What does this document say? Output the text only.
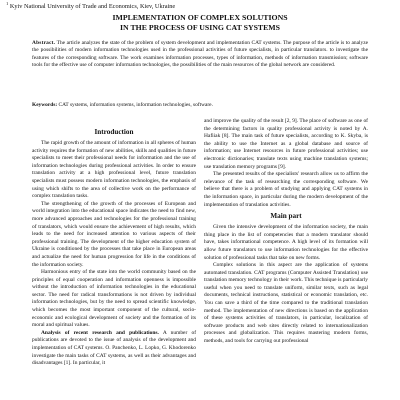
$^1$ Kyiv National University of Trade and Economics, Kiev, Ukraine
IMPLEMENTATION OF COMPLEX SOLUTIONS
IN THE PROCESS OF USING CAT SYSTEMS
Abstract. The article analyzes the state of the problem of system development and implementation CAT systems. The purpose of the article is to analyze the possibilities of modern information technologies used in the professional activities of future specialists, in particular translators. to investigate the features of the corresponding software. The work examines information processes, types of information, methods of information transmission; software tools for the effective use of computer information technologies, the possibilities of the main resources of the global network are considered.
Keywords: CAT systems, information systems, information technologies, software.
Introduction

The rapid growth of the amount of information in all spheres of human activity requires the formation of new abilities, skills and qualities in future specialists to meet their professional needs for information and the use of information technologies during professional activities. In order to ensure translation activity at a high professional level, future translation specialists must possess modern information technologies, the emphasis of using which shifts to the area of collective work on the performance of complex translation tasks.

The strengthening of the growth of the processes of European and world integration into the educational space indicates the need to find new, more advanced approaches and technologies for the professional training of translators, which would ensure the achievement of high results, which leads to the need for increased attention to various aspects of their professional training. The development of the higher education system of Ukraine is conditioned by the processes that take place in European areas and actualize the need for human progression for life in the conditions of the information society.

Harmonious entry of the state into the world community based on the principles of equal cooperation and information openness is impossible without the introduction of information technologies in the educational sector. The need for radical transformations is not driven by individual information technologies, but by the need to spread scientific knowledge, which becomes the most important component of the cultural, socio-economic and ecological development of society and the formation of its moral and spiritual values.

Analysis of recent research and publications. A number of publications are devoted to the issue of analysis of the development and implementation of CAT systems. O. Panchenko, L. Lopko, G. Khodorenko investigate the main tasks of CAT systems, as well as their advantages and disadvantages [1]. In particular, it

and improve the quality of the result [2, 9]. The place of software as one of the determining factors in quality professional activity is noted by A. Hafiiak [8]. The main task of future specialists, according to K. Skyba, is the ability to use the Internet as a global database and source of information; use Internet resources in future professional activities; use electronic dictionaries; translate texts using machine translation systems; use translation memory programs [9].

The presented results of the specialists' research allow us to affirm the relevance of the task of researching the corresponding software. We believe that there is a problem of studying and applying CAT systems in the information space, in particular during the modern development of the implementation of translation activities.

Main part

Given the intensive development of the information society, the main thing place in the list of competencies that a modern translator should have, takes informational competence. A high level of its formation will allow future translators to use information technologies for the effective solution of professional tasks that take on new forms.

Complex solutions in this aspect are the application of systems automated translation. CAT programs (Computer Assisted Translation) use translation memory technology in their work. This technique is particularly useful when you need to translate uniform, similar texts, such as legal documents, technical instructions, statistical or economic translation, etc. You can save a third of the time compared to the traditional translation method. The implementation of new directions is based on the application of these systems activities of translators, in particular, localization of software products and web sites directly related to internationalization processes and globalization. This requires mastering modern forms, methods, and tools for carrying out professional
